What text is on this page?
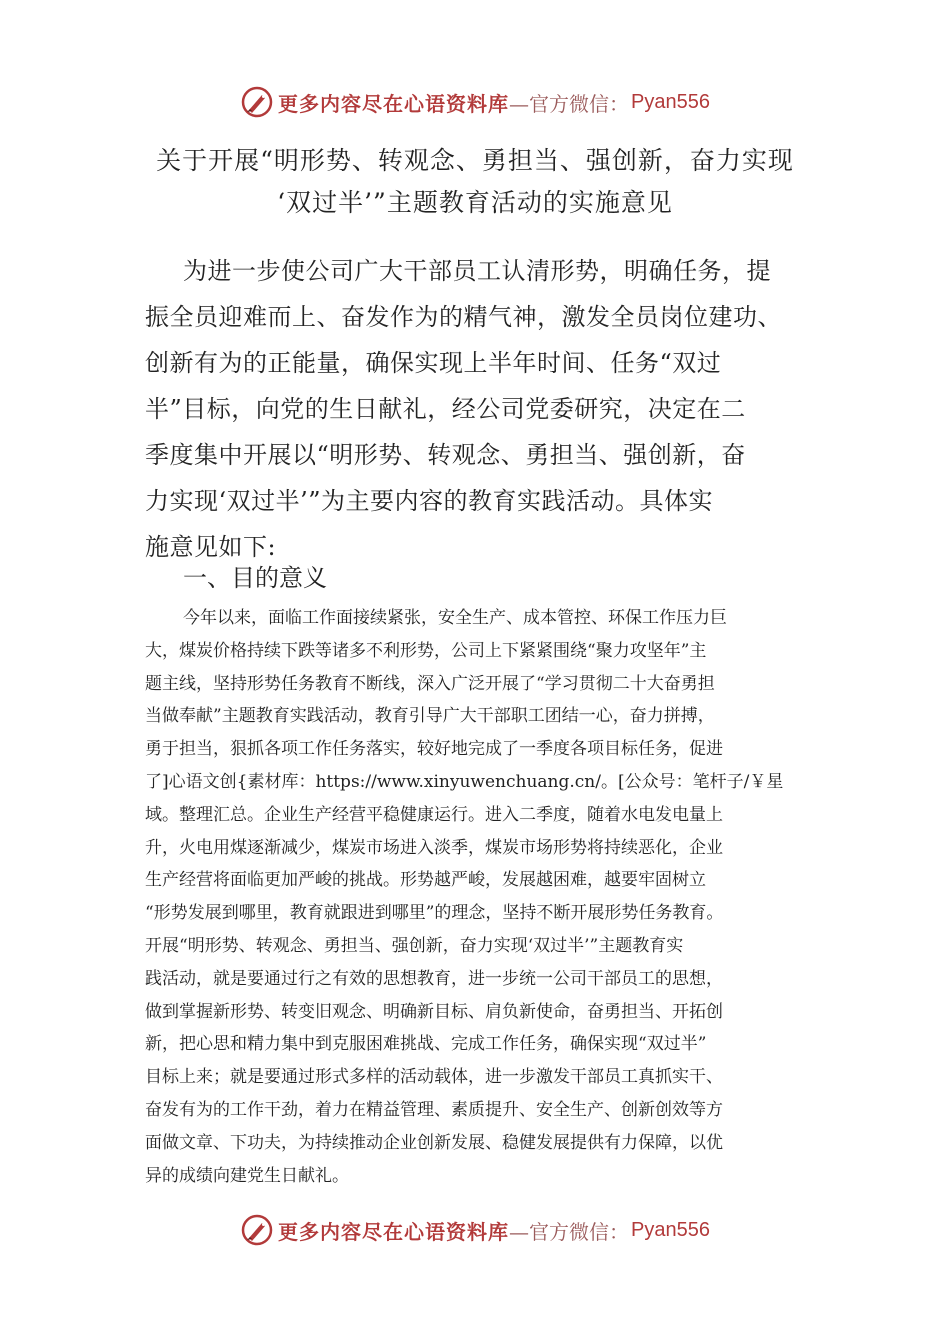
更多内容尽在心语资料库 —官方微信： Pyan556
关于开展“明形势、转观念、勇担当、强创新，奋力实现
‘双过半’”主题教育活动的实施意见
为进一步使公司广大干部员工认清形势，明确任务，提
振全员迎难而上、奋发作为的精气神，激发全员岗位建功、
创新有为的正能量，确保实现上半年时间、任务“双过
半”目标，向党的生日献礼，经公司党委研究，决定在二
季度集中开展以“明形势、转观念、勇担当、强创新，奋
力实现‘双过半’”为主要内容的教育实践活动。具体实
施意见如下:
一、目的意义
今年以来，面临工作面接续紧张，安全生产、成本管控、环保工作压力巨
大，煤炭价格持续下跌等诸多不利形势，公司上下紧紧围绕“聚力攻坚年”主
题主线，坚持形势任务教育不断线，深入广泛开展了“学习贯彻二十大奋勇担
当做奉献”主题教育实践活动，教育引导广大干部职工团结一心，奋力拼搏，
勇于担当，狠抓各项工作任务落实，较好地完成了一季度各项目标任务，促进
了]心语文创{素材库：https://www.xinyuwenchuang.cn/。[公众号：笔杆子/￥星
域。整理汇总。企业生产经营平稳健康运行。进入二季度，随着水电发电量上
升，火电用煤逐渐减少，煤炭市场进入淡季，煤炭市场形势将持续恶化，企业
生产经营将面临更加严峻的挑战。形势越严峻，发展越困难，越要牢固树立
“形势发展到哪里，教育就跟进到哪里”的理念，坚持不断开展形势任务教育。
开展“明形势、转观念、勇担当、强创新，奋力实现‘双过半’”主题教育实
践活动，就是要通过行之有效的思想教育，进一步统一公司干部员工的思想，
做到掌握新形势、转变旧观念、明确新目标、肩负新使命，奋勇担当、开拓创
新，把心思和精力集中到克服困难挑战、完成工作任务，确保实现“双过半”
目标上来；就是要通过形式多样的活动载体，进一步激发干部员工真抓实干、
奋发有为的工作干劲，着力在精益管理、素质提升、安全生产、创新创效等方
面做文章、下功夫，为持续推动企业创新发展、稳健发展提供有力保障，以优
异的成绩向建党生日献礼。
更多内容尽在心语资料库 —官方微信： Pyan556
